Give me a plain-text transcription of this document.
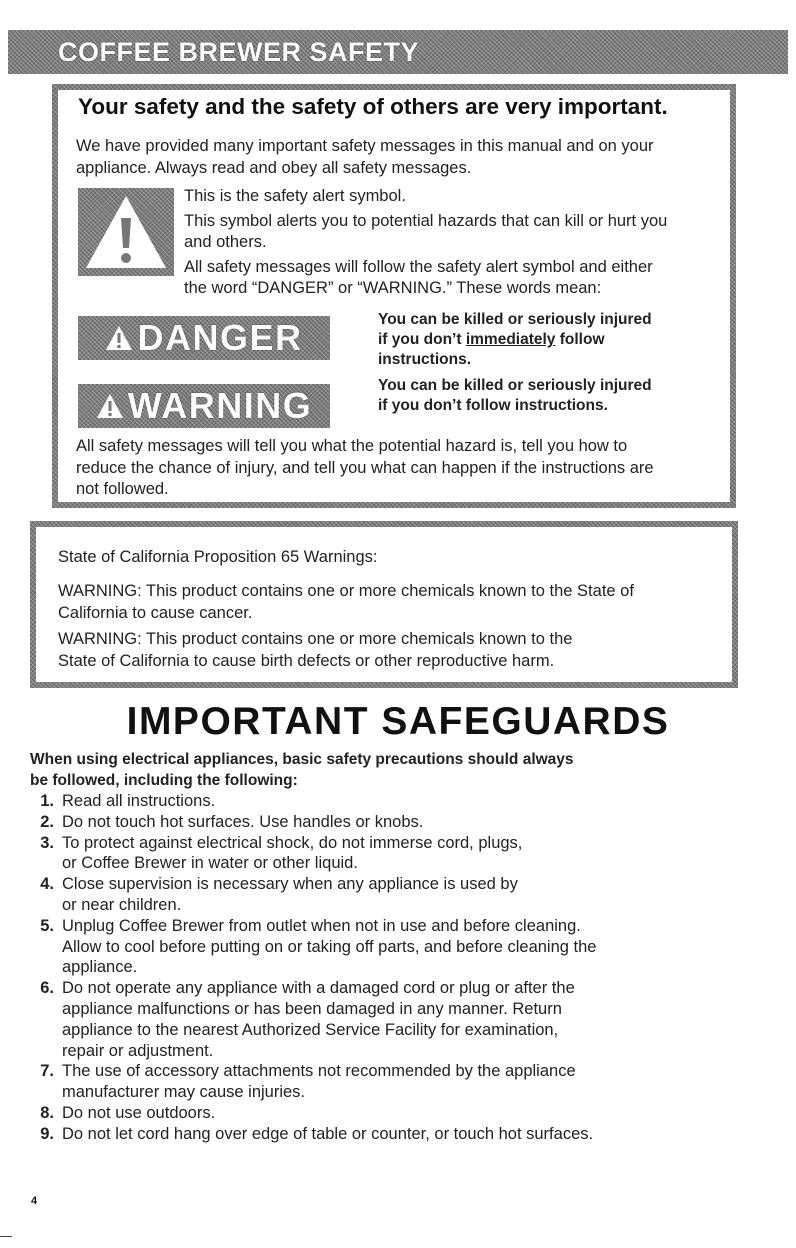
COFFEE BREWER SAFETY
Your safety and the safety of others are very important.
We have provided many important safety messages in this manual and on your
appliance. Always read and obey all safety messages.
This is the safety alert symbol.
This symbol alerts you to potential hazards that can kill or hurt you
and others.
All safety messages will follow the safety alert symbol and either
the word “DANGER” or “WARNING.” These words mean:
DANGER	You can be killed or seriously injured
if you don’t immediately follow
instructions.
WARNING	You can be killed or seriously injured
if you don’t follow instructions.
All safety messages will tell you what the potential hazard is, tell you how to
reduce the chance of injury, and tell you what can happen if the instructions are
not followed.
State of California Proposition 65 Warnings:
WARNING: This product contains one or more chemicals known to the State of
California to cause cancer.
WARNING: This product contains one or more chemicals known to the
State of California to cause birth defects or other reproductive harm.
IMPORTANT SAFEGUARDS
When using electrical appliances, basic safety precautions should always
be followed, including the following:
1. Read all instructions.
2. Do not touch hot surfaces. Use handles or knobs.
3. To protect against electrical shock, do not immerse cord, plugs,
or Coffee Brewer in water or other liquid.
4. Close supervision is necessary when any appliance is used by
or near children.
5. Unplug Coffee Brewer from outlet when not in use and before cleaning.
Allow to cool before putting on or taking off parts, and before cleaning the
appliance.
6. Do not operate any appliance with a damaged cord or plug or after the
appliance malfunctions or has been damaged in any manner. Return
appliance to the nearest Authorized Service Facility for examination,
repair or adjustment.
7. The use of accessory attachments not recommended by the appliance
manufacturer may cause injuries.
8. Do not use outdoors.
9. Do not let cord hang over edge of table or counter, or touch hot surfaces.
4
